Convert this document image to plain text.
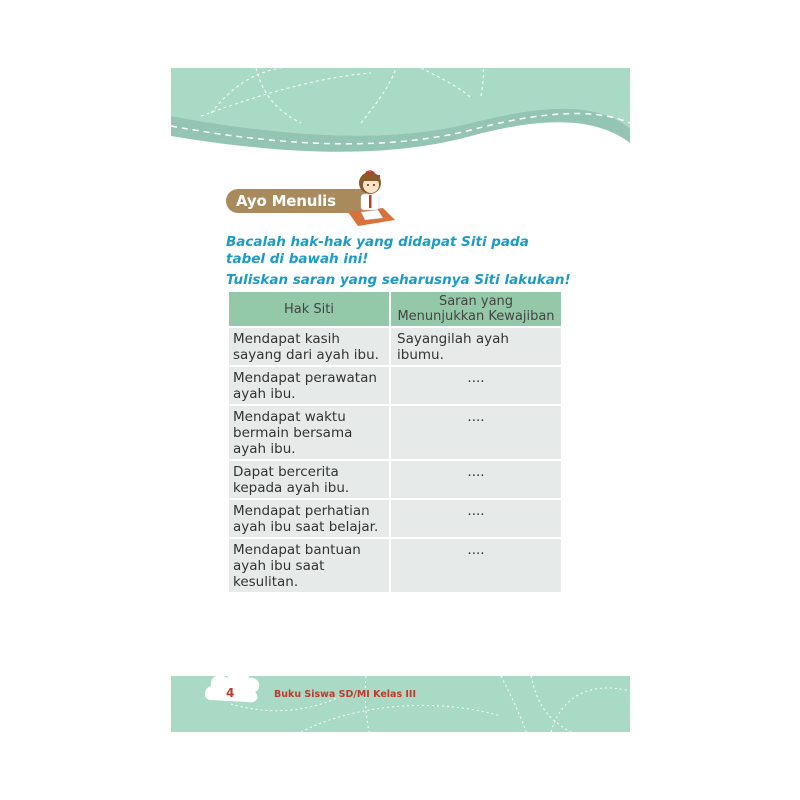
Ayo Menulis

Bacalah hak-hak yang didapat Siti pada tabel di bawah ini!

Tuliskan saran yang seharusnya Siti lakukan!

Hak Siti	Saran yang Menunjukkan Kewajiban
Mendapat kasih sayang dari ayah ibu.	Sayangilah ayah ibumu.
Mendapat perawatan ayah ibu.	....
Mendapat waktu bermain bersama ayah ibu.	....
Dapat bercerita kepada ayah ibu.	....
Mendapat perhatian ayah ibu saat belajar.	....
Mendapat bantuan ayah ibu saat kesulitan.	....
4	Buku Siswa SD/MI Kelas III
